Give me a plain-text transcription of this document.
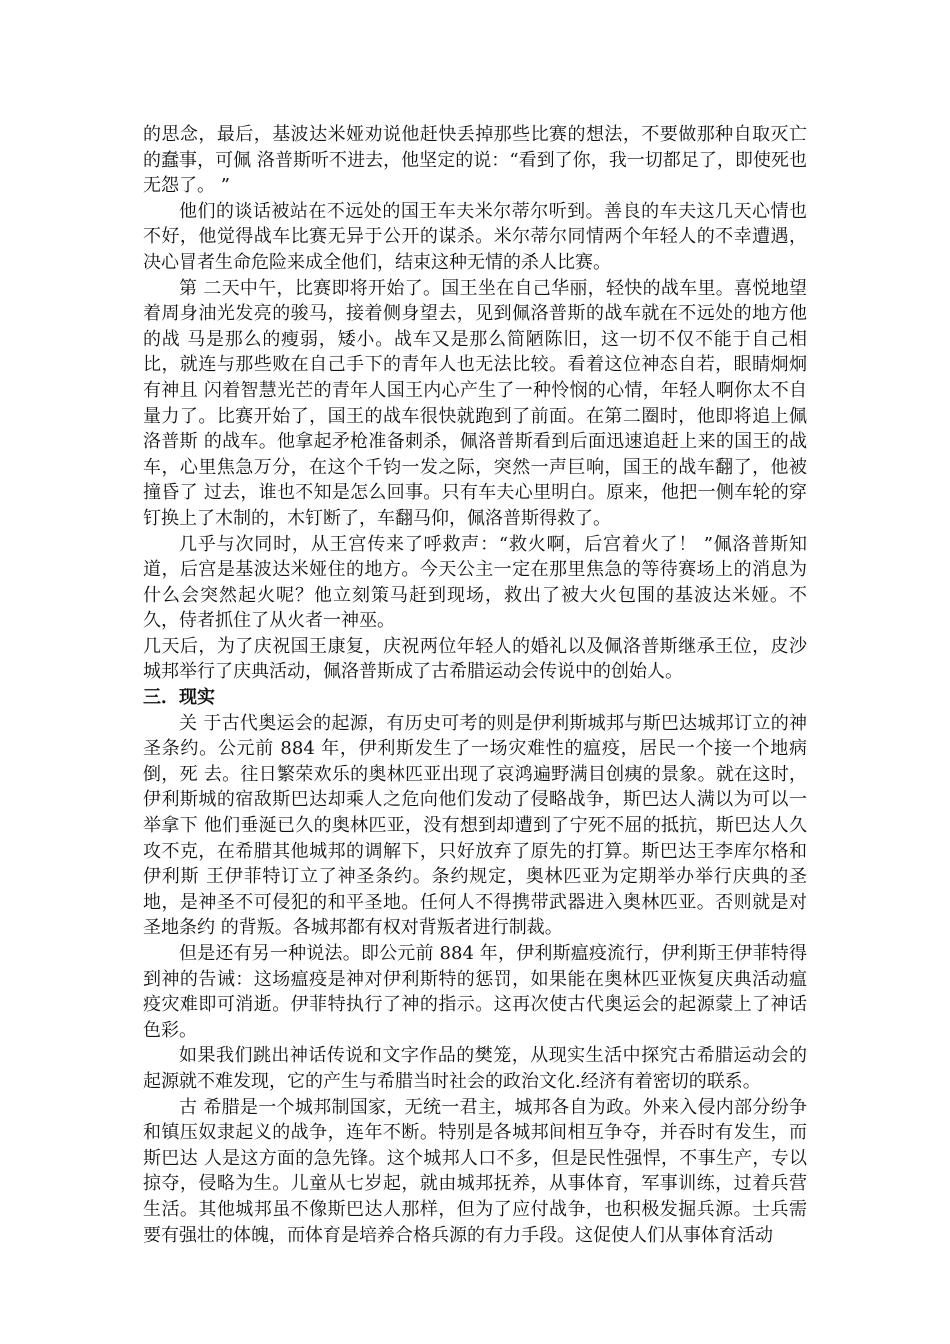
的思念，最后，基波达米娅劝说他赶快丢掉那些比赛的想法，不要做那种自取灭亡的蠢事，可佩 洛普斯听不进去，他坚定的说：“看到了你，我一切都足了，即使死也无怨了。 ”

他们的谈话被站在不远处的国王车夫米尔蒂尔听到。善良的车夫这几天心情也不好，他觉得战车比赛无异于公开的谋杀。米尔蒂尔同情两个年轻人的不幸遭遇，决心冒者生命危险来成全他们，结束这种无情的杀人比赛。

第 二天中午，比赛即将开始了。国王坐在自己华丽，轻快的战车里。喜悦地望着周身油光发亮的骏马，接着侧身望去，见到佩洛普斯的战车就在不远处的地方他的战 马是那么的瘦弱，矮小。战车又是那么简陋陈旧，这一切不仅不能于自己相比，就连与那些败在自己手下的青年人也无法比较。看着这位神态自若，眼睛炯炯有神且 闪着智慧光芒的青年人国王内心产生了一种怜悯的心情，年轻人啊你太不自量力了。比赛开始了，国王的战车很快就跑到了前面。在第二圈时，他即将追上佩洛普斯 的战车。他拿起矛枪准备刺杀，佩洛普斯看到后面迅速追赶上来的国王的战车，心里焦急万分，在这个千钧一发之际，突然一声巨响，国王的战车翻了，他被撞昏了 过去，谁也不知是怎么回事。只有车夫心里明白。原来，他把一侧车轮的穿钉换上了木制的，木钉断了，车翻马仰，佩洛普斯得救了。

几乎与次同时，从王宫传来了呼救声：“救火啊，后宫着火了！ ”佩洛普斯知道，后宫是基波达米娅住的地方。今天公主一定在那里焦急的等待赛场上的消息为什么会突然起火呢？他立刻策马赶到现场，救出了被大火包围的基波达米娅。不久，侍者抓住了从火者一神巫。

几天后，为了庆祝国王康复，庆祝两位年轻人的婚礼以及佩洛普斯继承王位，皮沙城邦举行了庆典活动，佩洛普斯成了古希腊运动会传说中的创始人。

三．现实

关 于古代奥运会的起源，有历史可考的则是伊利斯城邦与斯巴达城邦订立的神圣条约。公元前 884 年，伊利斯发生了一场灾难性的瘟疫，居民一个接一个地病倒，死 去。往日繁荣欢乐的奥林匹亚出现了哀鸿遍野满目创痍的景象。就在这时，伊利斯城的宿敌斯巴达却乘人之危向他们发动了侵略战争，斯巴达人满以为可以一举拿下 他们垂涎已久的奥林匹亚，没有想到却遭到了宁死不屈的抵抗，斯巴达人久攻不克，在希腊其他城邦的调解下，只好放弃了原先的打算。斯巴达王李库尔格和伊利斯 王伊菲特订立了神圣条约。条约规定，奥林匹亚为定期举办举行庆典的圣地，是神圣不可侵犯的和平圣地。任何人不得携带武器进入奥林匹亚。否则就是对圣地条约 的背叛。各城邦都有权对背叛者进行制裁。

但是还有另一种说法。即公元前 884 年，伊利斯瘟疫流行，伊利斯王伊菲特得到神的告诫：这场瘟疫是神对伊利斯特的惩罚，如果能在奥林匹亚恢复庆典活动瘟疫灾难即可消逝。伊菲特执行了神的指示。这再次使古代奥运会的起源蒙上了神话色彩。

如果我们跳出神话传说和文字作品的樊笼，从现实生活中探究古希腊运动会的起源就不难发现，它的产生与希腊当时社会的政治文化.经济有着密切的联系。

古 希腊是一个城邦制国家，无统一君主，城邦各自为政。外来入侵内部分纷争和镇压奴隶起义的战争，连年不断。特别是各城邦间相互争夺，并吞时有发生，而斯巴达 人是这方面的急先锋。这个城邦人口不多，但是民性强悍，不事生产，专以掠夺，侵略为生。儿童从七岁起，就由城邦抚养，从事体育，军事训练，过着兵营生活。其他城邦虽不像斯巴达人那样，但为了应付战争，也积极发掘兵源。士兵需要有强壮的体魄，而体育是培养合格兵源的有力手段。这促使人们从事体育活动
